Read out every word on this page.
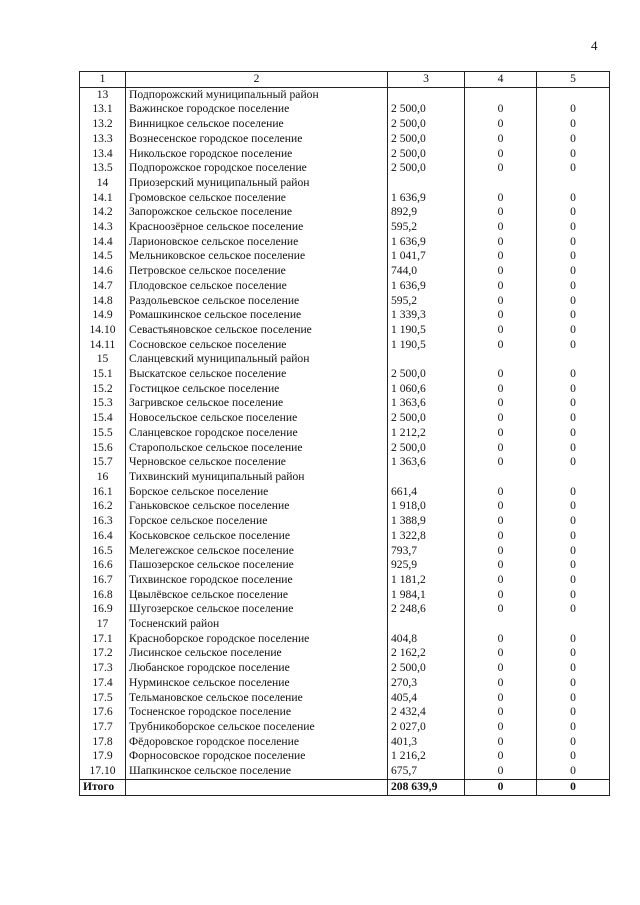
4
1	2	3	4	5
13	Подпорожский муниципальный район			
13.1	Важинское городское поселение	2 500,0	0	0
13.2	Винницкое сельское поселение	2 500,0	0	0
13.3	Вознесенское городское поселение	2 500,0	0	0
13.4	Никольское городское поселение	2 500,0	0	0
13.5	Подпорожское городское поселение	2 500,0	0	0
14	Приозерский муниципальный район			
14.1	Громовское сельское поселение	1 636,9	0	0
14.2	Запорожское сельское поселение	892,9	0	0
14.3	Красноозёрное сельское поселение	595,2	0	0
14.4	Ларионовское сельское поселение	1 636,9	0	0
14.5	Мельниковское сельское поселение	1 041,7	0	0
14.6	Петровское сельское поселение	744,0	0	0
14.7	Плодовское сельское поселение	1 636,9	0	0
14.8	Раздольевское сельское поселение	595,2	0	0
14.9	Ромашкинское сельское поселение	1 339,3	0	0
14.10	Севастьяновское сельское поселение	1 190,5	0	0
14.11	Сосновское сельское поселение	1 190,5	0	0
15	Сланцевский муниципальный район			
15.1	Выскатское сельское поселение	2 500,0	0	0
15.2	Гостицкое сельское поселение	1 060,6	0	0
15.3	Загривское сельское поселение	1 363,6	0	0
15.4	Новосельское сельское поселение	2 500,0	0	0
15.5	Сланцевское городское поселение	1 212,2	0	0
15.6	Старопольское сельское поселение	2 500,0	0	0
15.7	Черновское сельское поселение	1 363,6	0	0
16	Тихвинский муниципальный район			
16.1	Борское сельское поселение	661,4	0	0
16.2	Ганьковское сельское поселение	1 918,0	0	0
16.3	Горское сельское поселение	1 388,9	0	0
16.4	Коськовское сельское поселение	1 322,8	0	0
16.5	Мелегежское сельское поселение	793,7	0	0
16.6	Пашозерское сельское поселение	925,9	0	0
16.7	Тихвинское городское поселение	1 181,2	0	0
16.8	Цвылёвское сельское поселение	1 984,1	0	0
16.9	Шугозерское сельское поселение	2 248,6	0	0
17	Тосненский район			
17.1	Красноборское городское поселение	404,8	0	0
17.2	Лисинское сельское поселение	2 162,2	0	0
17.3	Любанское городское поселение	2 500,0	0	0
17.4	Нурминское сельское поселение	270,3	0	0
17.5	Тельмановское сельское поселение	405,4	0	0
17.6	Тосненское городское поселение	2 432,4	0	0
17.7	Трубникоборское сельское поселение	2 027,0	0	0
17.8	Фёдоровское городское поселение	401,3	0	0
17.9	Форносовское городское поселение	1 216,2	0	0
17.10	Шапкинское сельское поселение	675,7	0	0
Итого		208 639,9	0	0
